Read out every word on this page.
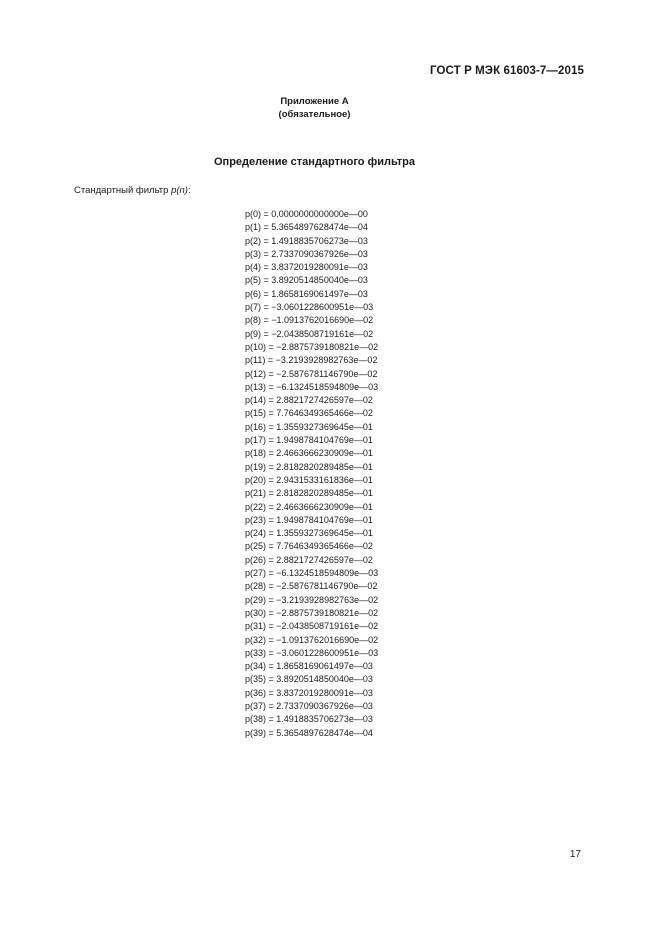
ГОСТ Р МЭК 61603-7—2015
Приложение А
(обязательное)
Определение стандартного фильтра
Стандартный фильтр p(n):
p(0) = 0.0000000000000e—00
p(1) = 5.3654897628474e—04
p(2) = 1.4918835706273e—03
p(3) = 2.7337090367926e—03
p(4) = 3.8372019280091e—03
p(5) = 3.8920514850040e—03
p(6) = 1.8658169061497e—03
p(7) = −3.0601228600951e—03
p(8) = −1.0913762016690e—02
p(9) = −2.0438508719161e—02
p(10) = −2.8875739180821e—02
p(11) = −3.2193928982763e—02
p(12) = −2.5876781146790e—02
p(13) = −6.1324518594809e—03
p(14) = 2.8821727426597e—02
p(15) = 7.7646349365466e—02
p(16) = 1.3559327369645e—01
p(17) = 1.9498784104769e—01
p(18) = 2.4663666230909e—01
p(19) = 2.8182820289485e—01
p(20) = 2.9431533161836e—01
p(21) = 2.8182820289485e—01
p(22) = 2.4663666230909e—01
p(23) = 1.9498784104769e—01
p(24) = 1.3559327369645e—01
p(25) = 7.7646349365466e—02
p(26) = 2.8821727426597e—02
p(27) = −6.1324518594809e—03
p(28) = −2.5876781146790e—02
p(29) = −3.2193928982763e—02
p(30) = −2.8875739180821e—02
p(31) = −2.0438508719161e—02
p(32) = −1.0913762016690e—02
p(33) = −3.0601228600951e—03
p(34) = 1.8658169061497e—03
p(35) = 3.8920514850040e—03
p(36) = 3.8372019280091e—03
p(37) = 2.7337090367926e—03
p(38) = 1.4918835706273e—03
p(39) = 5.3654897628474e—04
17
